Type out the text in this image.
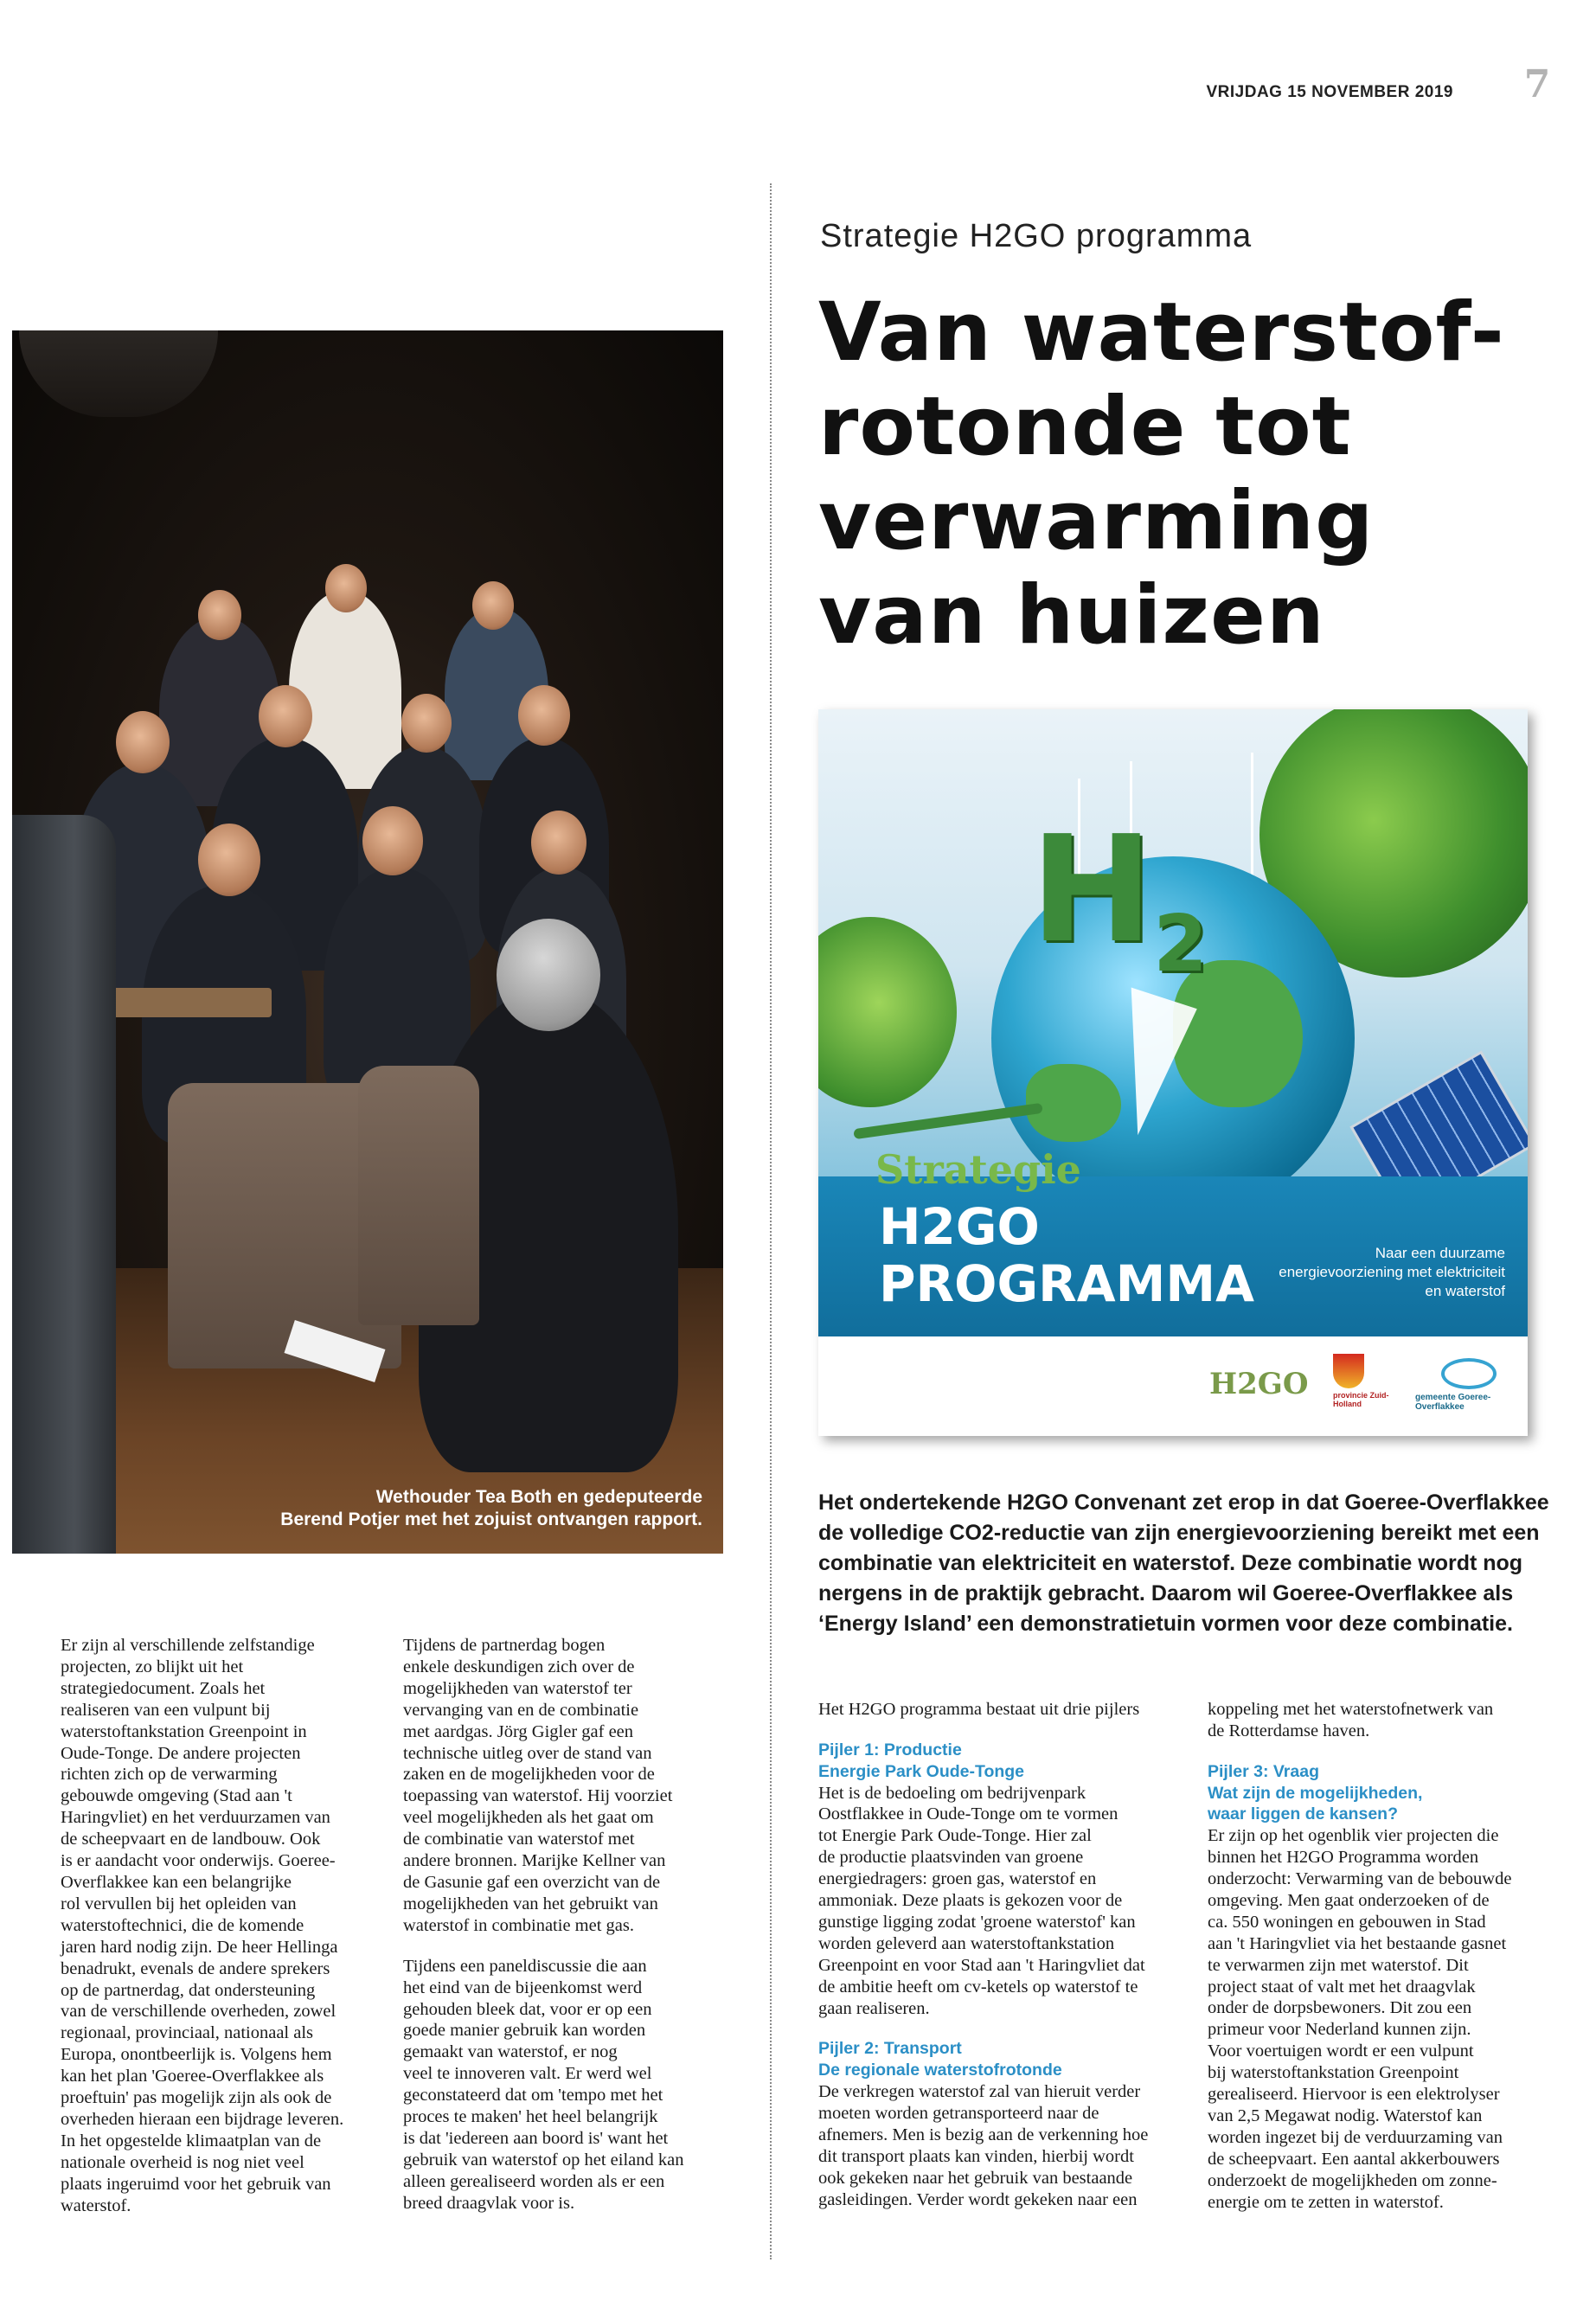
VRIJDAG 15 NOVEMBER 2019 7
Strategie H2GO programma
Van waterstof-
rotonde tot
verwarming
van huizen
Wethouder Tea Both en gedeputeerde
Berend Potjer met het zojuist ontvangen rapport.
$H_2$
Strategie
H2GO
PROGRAMMA
Naar een duurzame energievoorziening met elektriciteit en waterstof
H2GO	provincie Zuid-Holland
gemeente Goeree-Overflakkee
Het ondertekende H2GO Convenant zet erop in dat Goeree-Overflakkee de volledige CO2-reductie van zijn energievoorziening bereikt met een combinatie van elektriciteit en waterstof. Deze combinatie wordt nog nergens in de praktijk gebracht. Daarom wil Goeree-Overflakkee als ‘Energy Island’ een demonstratietuin vormen voor deze combinatie.

Er zijn al verschillende zelfstandige
projecten, zo blijkt uit het
strategiedocument. Zoals het
realiseren van een vulpunt bij
waterstoftankstation Greenpoint in
Oude-Tonge. De andere projecten
richten zich op de verwarming
gebouwde omgeving (Stad aan 't
Haringvliet) en het verduurzamen van
de scheepvaart en de landbouw. Ook
is er aandacht voor onderwijs. Goeree-
Overflakkee kan een belangrijke
rol vervullen bij het opleiden van
waterstoftechnici, die de komende
jaren hard nodig zijn. De heer Hellinga
benadrukt, evenals de andere sprekers
op de partnerdag, dat ondersteuning
van de verschillende overheden, zowel
regionaal, provinciaal, nationaal als
Europa, onontbeerlijk is. Volgens hem
kan het plan 'Goeree-Overflakkee als
proeftuin' pas mogelijk zijn als ook de
overheden hieraan een bijdrage leveren.
In het opgestelde klimaatplan van de
nationale overheid is nog niet veel
plaats ingeruimd voor het gebruik van
waterstof.

Tijdens de partnerdag bogen
enkele deskundigen zich over de
mogelijkheden van waterstof ter
vervanging van en de combinatie
met aardgas. Jörg Gigler gaf een
technische uitleg over de stand van
zaken en de mogelijkheden voor de
toepassing van waterstof. Hij voorziet
veel mogelijkheden als het gaat om
de combinatie van waterstof met
andere bronnen. Marijke Kellner van
de Gasunie gaf een overzicht van de
mogelijkheden van het gebruikt van
waterstof in combinatie met gas.

Tijdens een paneldiscussie die aan
het eind van de bijeenkomst werd
gehouden bleek dat, voor er op een
goede manier gebruik kan worden
gemaakt van waterstof, er nog
veel te innoveren valt. Er werd wel
geconstateerd dat om 'tempo met het
proces te maken' het heel belangrijk
is dat 'iedereen aan boord is' want het
gebruik van waterstof op het eiland kan
alleen gerealiseerd worden als er een
breed draagvlak voor is.

Het H2GO programma bestaat uit drie pijlers

Pijler 1: Productie
Energie Park Oude-Tonge

Het is de bedoeling om bedrijvenpark
Oostflakkee in Oude-Tonge om te vormen
tot Energie Park Oude-Tonge. Hier zal
de productie plaatsvinden van groene
energiedragers: groen gas, waterstof en
ammoniak. Deze plaats is gekozen voor de
gunstige ligging zodat 'groene waterstof' kan
worden geleverd aan waterstoftankstation
Greenpoint en voor Stad aan 't Haringvliet dat
de ambitie heeft om cv-ketels op waterstof te
gaan realiseren.

Pijler 2: Transport
De regionale waterstofrotonde

De verkregen waterstof zal van hieruit verder
moeten worden getransporteerd naar de
afnemers. Men is bezig aan de verkenning hoe
dit transport plaats kan vinden, hierbij wordt
ook gekeken naar het gebruik van bestaande
gasleidingen. Verder wordt gekeken naar een

koppeling met het waterstofnetwerk van
de Rotterdamse haven.

Pijler 3: Vraag
Wat zijn de mogelijkheden,
waar liggen de kansen?

Er zijn op het ogenblik vier projecten die
binnen het H2GO Programma worden
onderzocht: Verwarming van de bebouwde
omgeving. Men gaat onderzoeken of de
ca. 550 woningen en gebouwen in Stad
aan 't Haringvliet via het bestaande gasnet
te verwarmen zijn met waterstof. Dit
project staat of valt met het draagvlak
onder de dorpsbewoners. Dit zou een
primeur voor Nederland kunnen zijn.
Voor voertuigen wordt er een vulpunt
bij waterstoftankstation Greenpoint
gerealiseerd. Hiervoor is een elektrolyser
van 2,5 Megawat nodig. Waterstof kan
worden ingezet bij de verduurzaming van
de scheepvaart. Een aantal akkerbouwers
onderzoekt de mogelijkheden om zonne-
energie om te zetten in waterstof.
